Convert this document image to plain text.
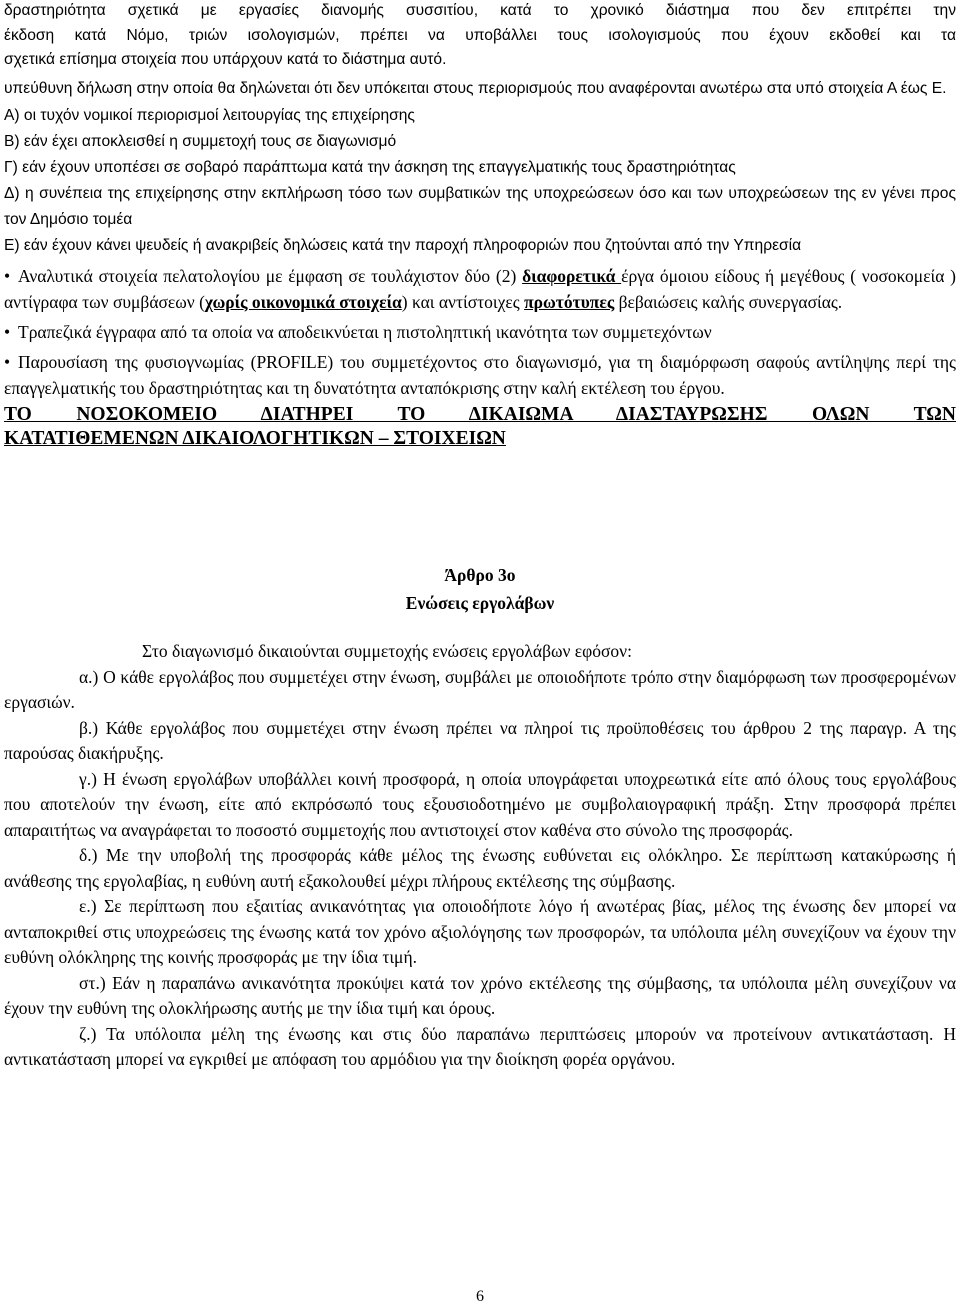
δραστηριότητα σχετικά με εργασίες διανομής συσσιτίου, κατά το χρονικό διάστημα που δεν επιτρέπει την

έκδοση κατά Νόμο, τριών ισολογισμών, πρέπει να υποβάλλει τους ισολογισμούς που έχουν εκδοθεί και τα

σχετικά επίσημα στοιχεία που υπάρχουν κατά το διάστημα αυτό.

υπεύθυνη δήλωση στην οποία θα δηλώνεται ότι δεν υπόκειται στους περιορισμούς που αναφέρονται ανωτέρω στα υπό στοιχεία Α έως Ε.

Α) οι τυχόν νομικοί περιορισμοί λειτουργίας της επιχείρησης

Β) εάν έχει αποκλεισθεί η συμμετοχή τους σε διαγωνισμό

Γ) εάν έχουν υποπέσει σε σοβαρό παράπτωμα κατά την άσκηση της επαγγελματικής τους δραστηριότητας

Δ) η συνέπεια της επιχείρησης στην εκπλήρωση τόσο των συμβατικών της υποχρεώσεων όσο και των υποχρεώσεων της εν γένει προς τον Δημόσιο τομέα

Ε) εάν έχουν κάνει ψευδείς ή ανακριβείς δηλώσεις κατά την παροχή πληροφοριών που ζητούνται από την Υπηρεσία

• Αναλυτικά στοιχεία πελατολογίου με έμφαση σε τουλάχιστον δύο (2) διαφορετικά έργα όμοιου είδους ή μεγέθους ( νοσοκομεία ) αντίγραφα των συμβάσεων (χωρίς οικονομικά στοιχεία) και αντίστοιχες πρωτότυπες βεβαιώσεις καλής συνεργασίας.

• Τραπεζικά έγγραφα από τα οποία να αποδεικνύεται η πιστοληπτική ικανότητα των συμμετεχόντων

• Παρουσίαση της φυσιογνωμίας (PROFILE) του συμμετέχοντος στο διαγωνισμό, για τη διαμόρφωση σαφούς αντίληψης περί της επαγγελματικής του δραστηριότητας και τη δυνατότητα ανταπόκρισης στην καλή εκτέλεση του έργου.

ΤΟ ΝΟΣΟΚΟΜΕΙΟ ΔΙΑΤΗΡΕΙ ΤΟ ΔΙΚΑΙΩΜΑ ΔΙΑΣΤΑΥΡΩΣΗΣ ΟΛΩΝ ΤΩΝ

ΚΑΤΑΤΙΘΕΜΕΝΩΝ ΔΙΚΑΙΟΛΟΓΗΤΙΚΩΝ – ΣΤΟΙΧΕΙΩΝ

Άρθρο 3ο
Ενώσεις εργολάβων

Στο διαγωνισμό δικαιούνται συμμετοχής ενώσεις εργολάβων εφόσον:

α.) Ο κάθε εργολάβος που συμμετέχει στην ένωση, συμβάλει με οποιοδήποτε τρόπο στην διαμόρφωση των προσφερομένων εργασιών.

β.) Κάθε εργολάβος που συμμετέχει στην ένωση πρέπει να πληροί τις προϋποθέσεις του άρθρου 2 της παραγρ. Α της παρούσας διακήρυξης.

γ.) Η ένωση εργολάβων υποβάλλει κοινή προσφορά, η οποία υπογράφεται υποχρεωτικά είτε από όλους τους εργολάβους που αποτελούν την ένωση, είτε από εκπρόσωπό τους εξουσιοδοτημένο με συμβολαιογραφική πράξη. Στην προσφορά πρέπει απαραιτήτως να αναγράφεται το ποσοστό συμμετοχής που αντιστοιχεί στον καθένα στο σύνολο της προσφοράς.

δ.) Με την υποβολή της προσφοράς κάθε μέλος της ένωσης ευθύνεται εις ολόκληρο. Σε περίπτωση κατακύρωσης ή ανάθεσης της εργολαβίας, η ευθύνη αυτή εξακολουθεί μέχρι πλήρους εκτέλεσης της σύμβασης.

ε.) Σε περίπτωση που εξαιτίας ανικανότητας για οποιοδήποτε λόγο ή ανωτέρας βίας, μέλος της ένωσης δεν μπορεί να ανταποκριθεί στις υποχρεώσεις της ένωσης κατά τον χρόνο αξιολόγησης των προσφορών, τα υπόλοιπα μέλη συνεχίζουν να έχουν την ευθύνη ολόκληρης της κοινής προσφοράς με την ίδια τιμή.

στ.) Εάν η παραπάνω ανικανότητα προκύψει κατά τον χρόνο εκτέλεσης της σύμβασης, τα υπόλοιπα μέλη συνεχίζουν να έχουν την ευθύνη της ολοκλήρωσης αυτής με την ίδια τιμή και όρους.

ζ.) Τα υπόλοιπα μέλη της ένωσης και στις δύο παραπάνω περιπτώσεις μπορούν να προτείνουν αντικατάσταση. Η αντικατάσταση μπορεί να εγκριθεί με απόφαση του αρμόδιου για την διοίκηση φορέα οργάνου.

6
